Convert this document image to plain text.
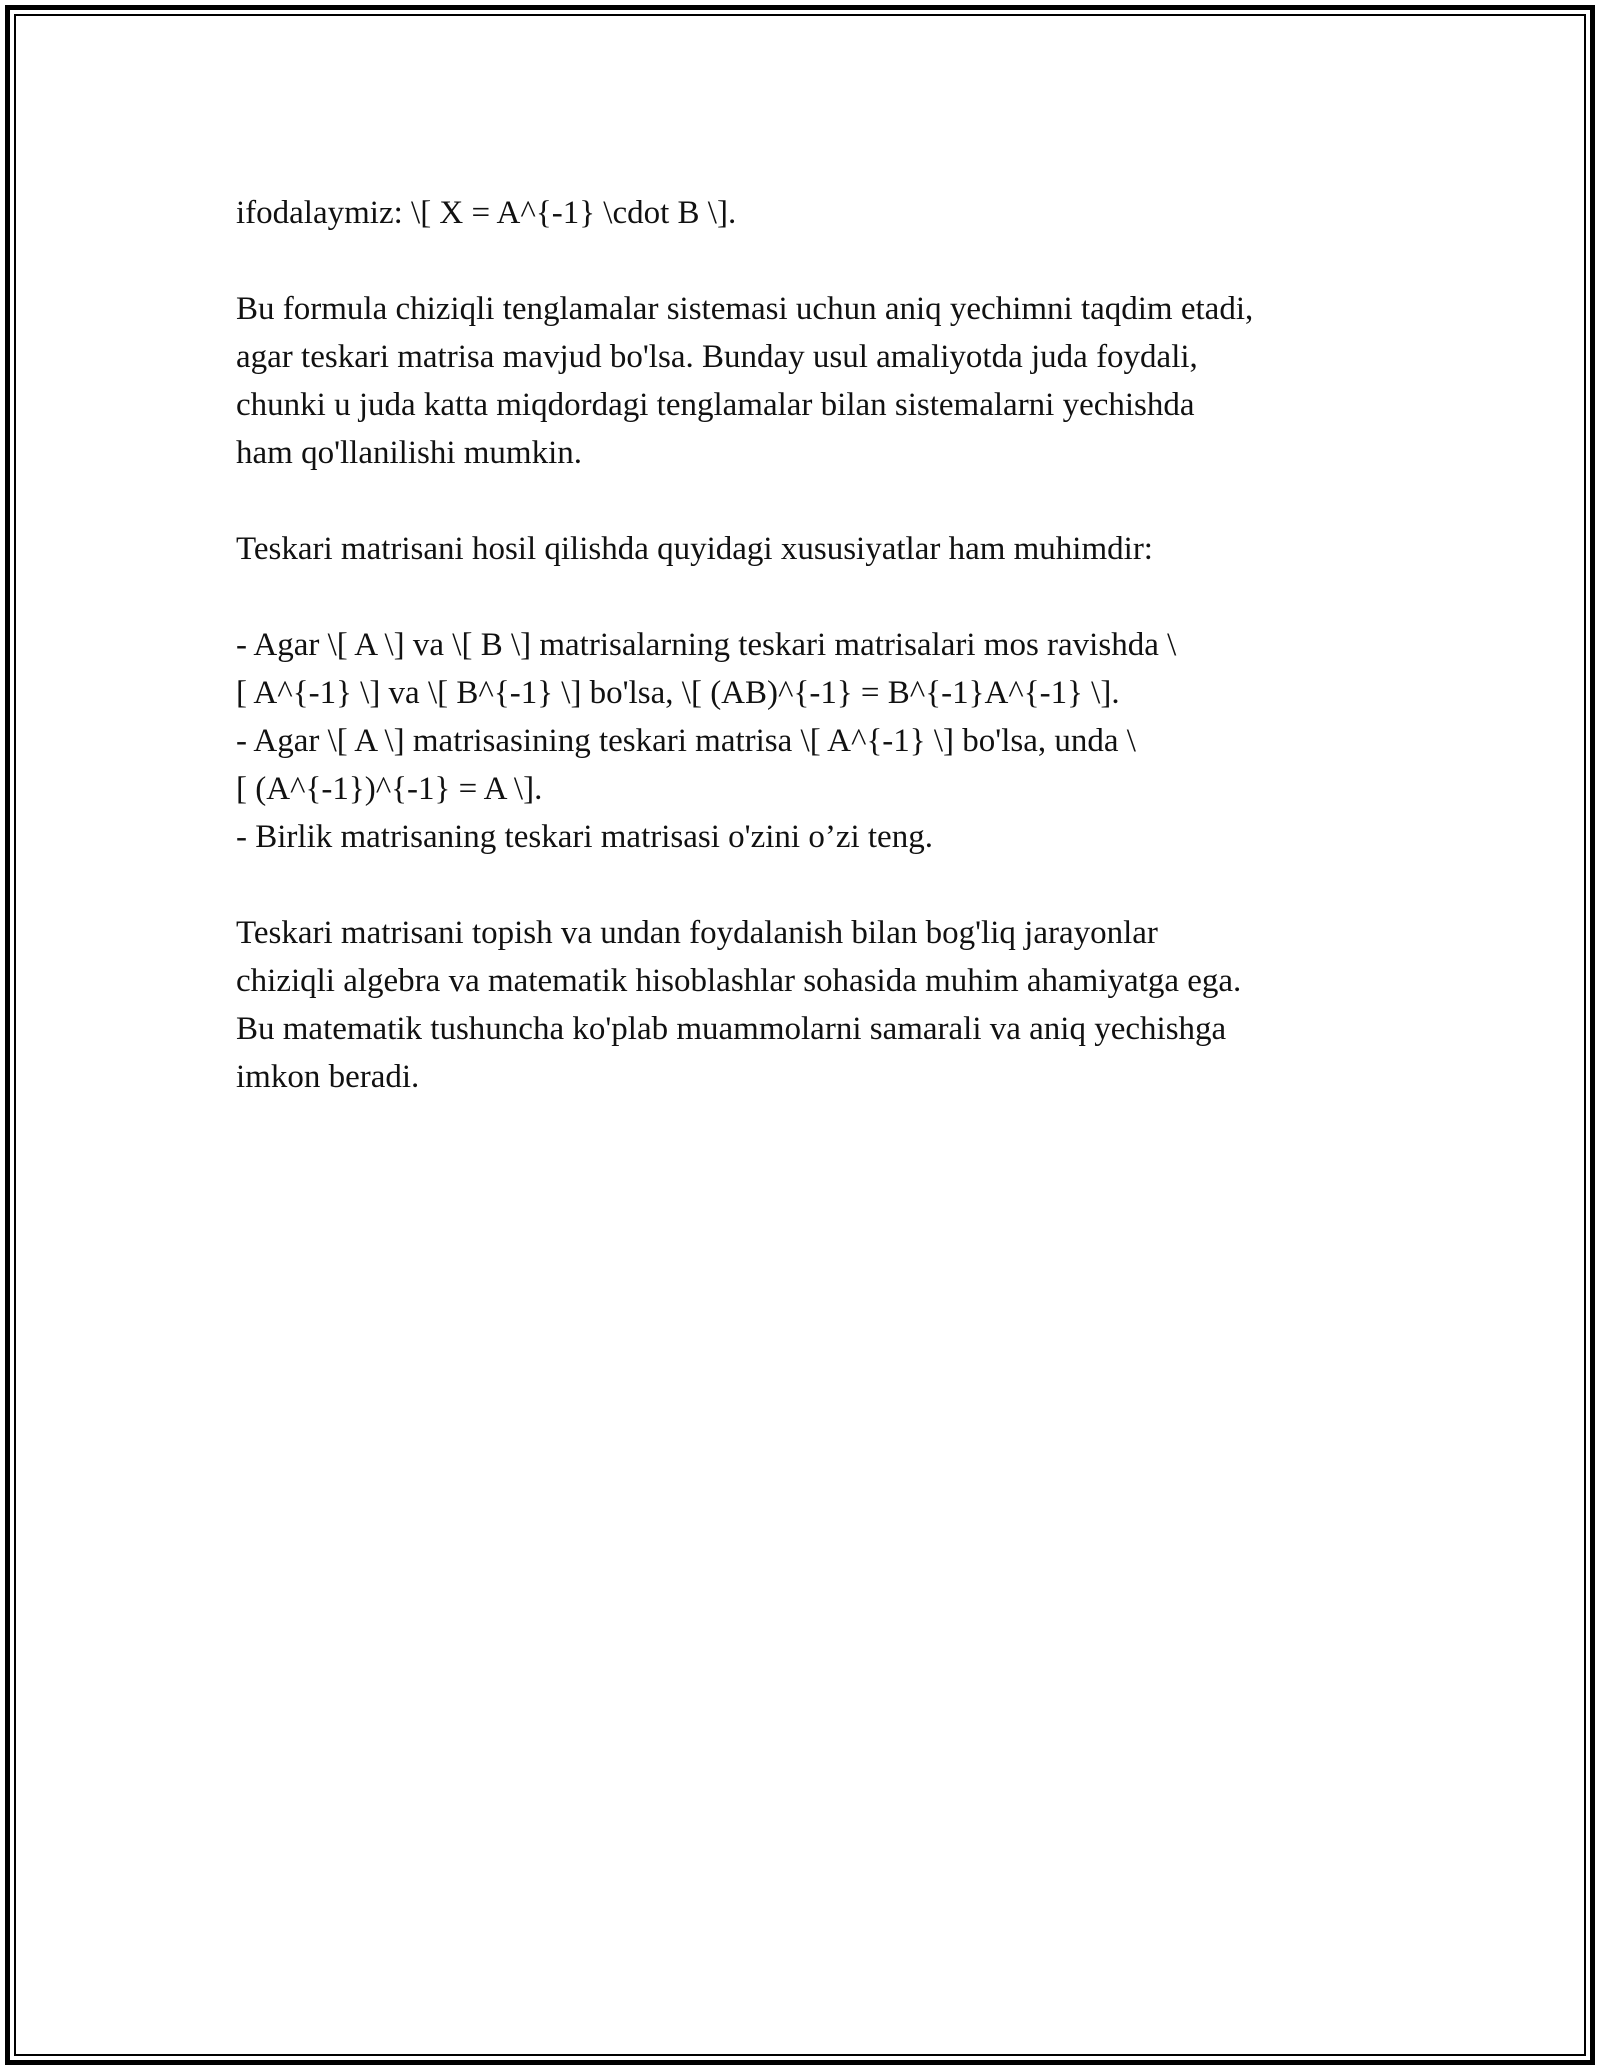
ifodalaymiz: \[ X = A^{-1} \cdot B \].

Bu formula chiziqli tenglamalar sistemasi uchun aniq yechimni taqdim etadi,
agar teskari matrisa mavjud bo'lsa. Bunday usul amaliyotda juda foydali,
chunki u juda katta miqdordagi tenglamalar bilan sistemalarni yechishda
ham qo'llanilishi mumkin.

Teskari matrisani hosil qilishda quyidagi xususiyatlar ham muhimdir:

- Agar \[ A \] va \[ B \] matrisalarning teskari matrisalari mos ravishda \
[ A^{-1} \] va \[ B^{-1} \] bo'lsa, \[ (AB)^{-1} = B^{-1}A^{-1} \].
- Agar \[ A \] matrisasining teskari matrisa \[ A^{-1} \] bo'lsa, unda \
[ (A^{-1})^{-1} = A \].
- Birlik matrisaning teskari matrisasi o'zini o’zi teng.

Teskari matrisani topish va undan foydalanish bilan bog'liq jarayonlar
chiziqli algebra va matematik hisoblashlar sohasida muhim ahamiyatga ega.
Bu matematik tushuncha ko'plab muammolarni samarali va aniq yechishga
imkon beradi.
